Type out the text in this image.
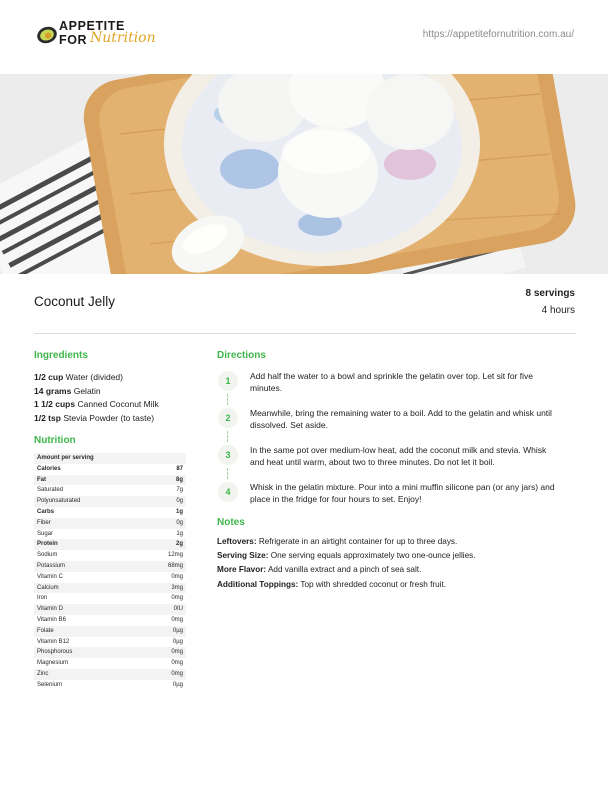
APPETITE
FOR Nutrition	https://appetitefornutrition.com.au/
Coconut Jelly
8 servings
4 hours
Ingredients
1/2 cup Water (divided)
14 grams Gelatin
1 1/2 cups Canned Coconut Milk
1/2 tsp Stevia Powder (to taste)
Nutrition
Amount per serving
Calories	87
Fat	8g
Saturated	7g
Polyunsaturated	0g
Carbs	1g
Fiber	0g
Sugar	1g
Protein	2g
Sodium	12mg
Potassium	68mg
Vitamin C	0mg
Calcium	3mg
Iron	0mg
Vitamin D	0IU
Vitamin B6	0mg
Folate	0µg
Vitamin B12	0µg
Phosphorous	0mg
Magnesium	0mg
Zinc	0mg
Selenium	0µg
Directions
1	Add half the water to a bowl and sprinkle the gelatin over top. Let sit for five minutes.
2	Meanwhile, bring the remaining water to a boil. Add to the gelatin and whisk until dissolved. Set aside.
3	In the same pot over medium-low heat, add the coconut milk and stevia. Whisk and heat until warm, about two to three minutes. Do not let it boil.
4	Whisk in the gelatin mixture. Pour into a mini muffin silicone pan (or any jars) and place in the fridge for four hours to set. Enjoy!
Notes
Leftovers: Refrigerate in an airtight container for up to three days.
Serving Size: One serving equals approximately two one-ounce jellies.
More Flavor: Add vanilla extract and a pinch of sea salt.
Additional Toppings: Top with shredded coconut or fresh fruit.
